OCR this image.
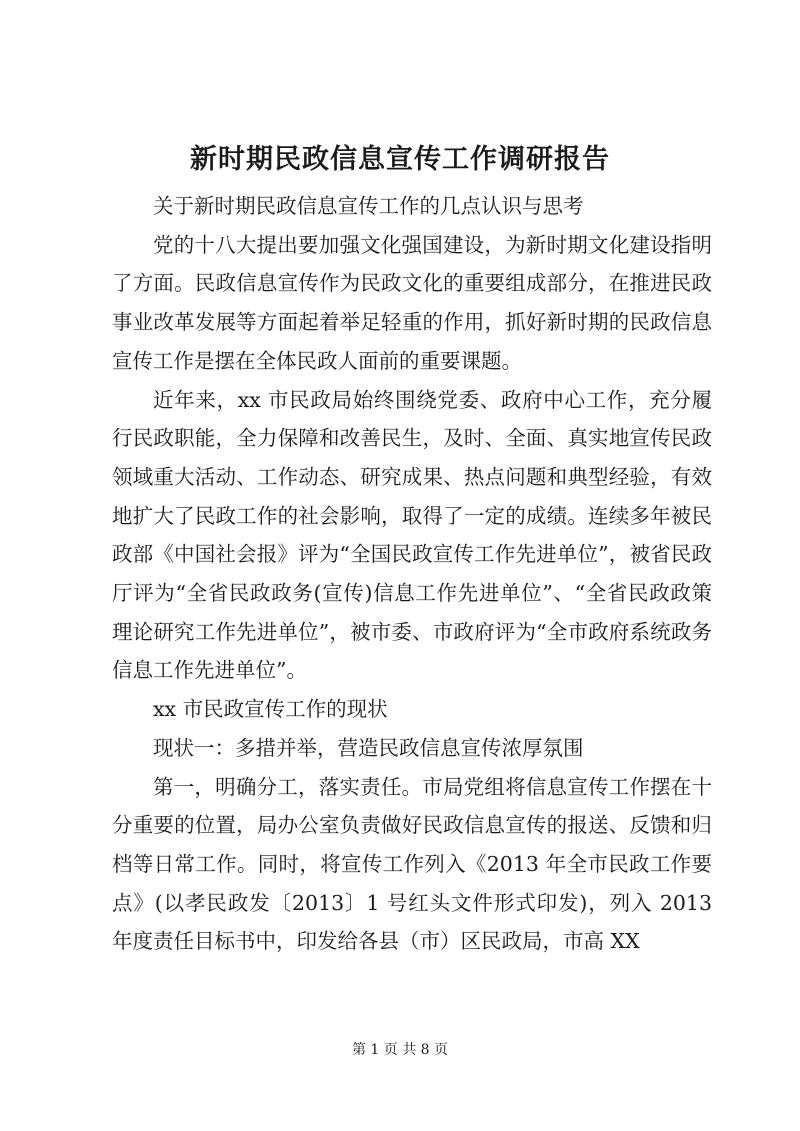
新时期民政信息宣传工作调研报告

关于新时期民政信息宣传工作的几点认识与思考

党的十八大提出要加强文化强国建设，为新时期文化建设指明了方面。民政信息宣传作为民政文化的重要组成部分，在推进民政事业改革发展等方面起着举足轻重的作用，抓好新时期的民政信息宣传工作是摆在全体民政人面前的重要课题。

近年来，xx 市民政局始终围绕党委、政府中心工作，充分履行民政职能，全力保障和改善民生，及时、全面、真实地宣传民政领域重大活动、工作动态、研究成果、热点问题和典型经验，有效地扩大了民政工作的社会影响，取得了一定的成绩。连续多年被民政部《中国社会报》评为“全国民政宣传工作先进单位”，被省民政厅评为“全省民政政务(宣传)信息工作先进单位”、“全省民政政策理论研究工作先进单位”，被市委、市政府评为“全市政府系统政务信息工作先进单位”。

xx 市民政宣传工作的现状

现状一：多措并举，营造民政信息宣传浓厚氛围

第一，明确分工，落实责任。市局党组将信息宣传工作摆在十分重要的位置，局办公室负责做好民政信息宣传的报送、反馈和归档等日常工作。同时，将宣传工作列入《2013 年全市民政工作要点》(以孝民政发〔2013〕1 号红头文件形式印发)，列入 2013 年度责任目标书中，印发给各县（市）区民政局，市高 XX

第 1 页 共 8 页
